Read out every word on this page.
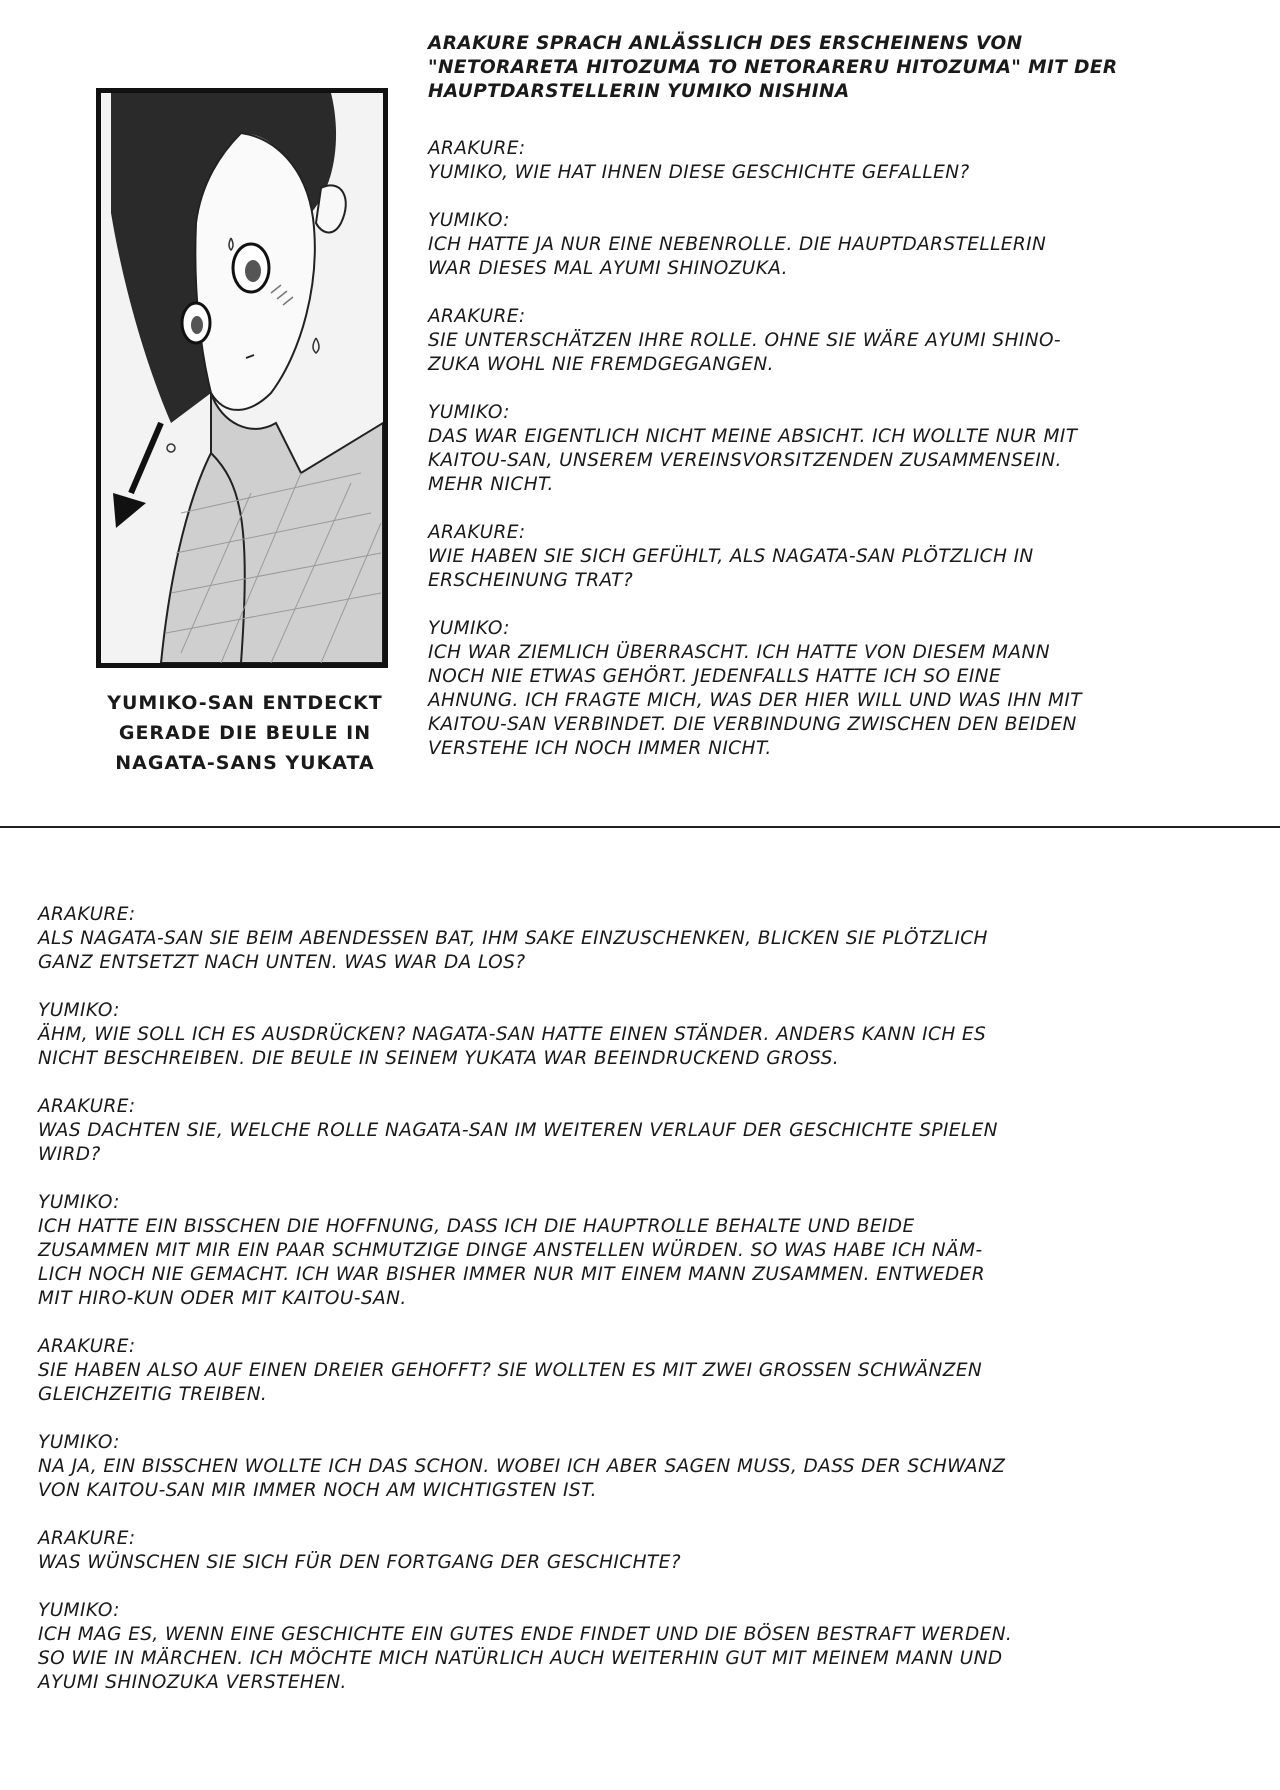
YUMIKO-SAN ENTDECKT
GERADE DIE BEULE IN
NAGATA-SANS YUKATA
ARAKURE SPRACH ANLÄSSLICH DES ERSCHEINENS VON
"NETORARETA HITOZUMA TO NETORARERU HITOZUMA" MIT DER
HAUPTDARSTELLERIN YUMIKO NISHINA

ARAKURE:

YUMIKO, WIE HAT IHNEN DIESE GESCHICHTE GEFALLEN?

YUMIKO:

ICH HATTE JA NUR EINE NEBENROLLE. DIE HAUPTDARSTELLERIN

WAR DIESES MAL AYUMI SHINOZUKA.

ARAKURE:

SIE UNTERSCHÄTZEN IHRE ROLLE. OHNE SIE WÄRE AYUMI SHINO-

ZUKA WOHL NIE FREMDGEGANGEN.

YUMIKO:

DAS WAR EIGENTLICH NICHT MEINE ABSICHT. ICH WOLLTE NUR MIT

KAITOU-SAN, UNSEREM VEREINSVORSITZENDEN ZUSAMMENSEIN.

MEHR NICHT.

ARAKURE:

WIE HABEN SIE SICH GEFÜHLT, ALS NAGATA-SAN PLÖTZLICH IN

ERSCHEINUNG TRAT?

YUMIKO:

ICH WAR ZIEMLICH ÜBERRASCHT. ICH HATTE VON DIESEM MANN

NOCH NIE ETWAS GEHÖRT. JEDENFALLS HATTE ICH SO EINE

AHNUNG. ICH FRAGTE MICH, WAS DER HIER WILL UND WAS IHN MIT

KAITOU-SAN VERBINDET. DIE VERBINDUNG ZWISCHEN DEN BEIDEN

VERSTEHE ICH NOCH IMMER NICHT.

ARAKURE:

ALS NAGATA-SAN SIE BEIM ABENDESSEN BAT, IHM SAKE EINZUSCHENKEN, BLICKEN SIE PLÖTZLICH

GANZ ENTSETZT NACH UNTEN. WAS WAR DA LOS?

YUMIKO:

ÄHM, WIE SOLL ICH ES AUSDRÜCKEN? NAGATA-SAN HATTE EINEN STÄNDER. ANDERS KANN ICH ES

NICHT BESCHREIBEN. DIE BEULE IN SEINEM YUKATA WAR BEEINDRUCKEND GROSS.

ARAKURE:

WAS DACHTEN SIE, WELCHE ROLLE NAGATA-SAN IM WEITEREN VERLAUF DER GESCHICHTE SPIELEN

WIRD?

YUMIKO:

ICH HATTE EIN BISSCHEN DIE HOFFNUNG, DASS ICH DIE HAUPTROLLE BEHALTE UND BEIDE

ZUSAMMEN MIT MIR EIN PAAR SCHMUTZIGE DINGE ANSTELLEN WÜRDEN. SO WAS HABE ICH NÄM-

LICH NOCH NIE GEMACHT. ICH WAR BISHER IMMER NUR MIT EINEM MANN ZUSAMMEN. ENTWEDER

MIT HIRO-KUN ODER MIT KAITOU-SAN.

ARAKURE:

SIE HABEN ALSO AUF EINEN DREIER GEHOFFT? SIE WOLLTEN ES MIT ZWEI GROSSEN SCHWÄNZEN

GLEICHZEITIG TREIBEN.

YUMIKO:

NA JA, EIN BISSCHEN WOLLTE ICH DAS SCHON. WOBEI ICH ABER SAGEN MUSS, DASS DER SCHWANZ

VON KAITOU-SAN MIR IMMER NOCH AM WICHTIGSTEN IST.

ARAKURE:

WAS WÜNSCHEN SIE SICH FÜR DEN FORTGANG DER GESCHICHTE?

YUMIKO:

ICH MAG ES, WENN EINE GESCHICHTE EIN GUTES ENDE FINDET UND DIE BÖSEN BESTRAFT WERDEN.

SO WIE IN MÄRCHEN. ICH MÖCHTE MICH NATÜRLICH AUCH WEITERHIN GUT MIT MEINEM MANN UND

AYUMI SHINOZUKA VERSTEHEN.
